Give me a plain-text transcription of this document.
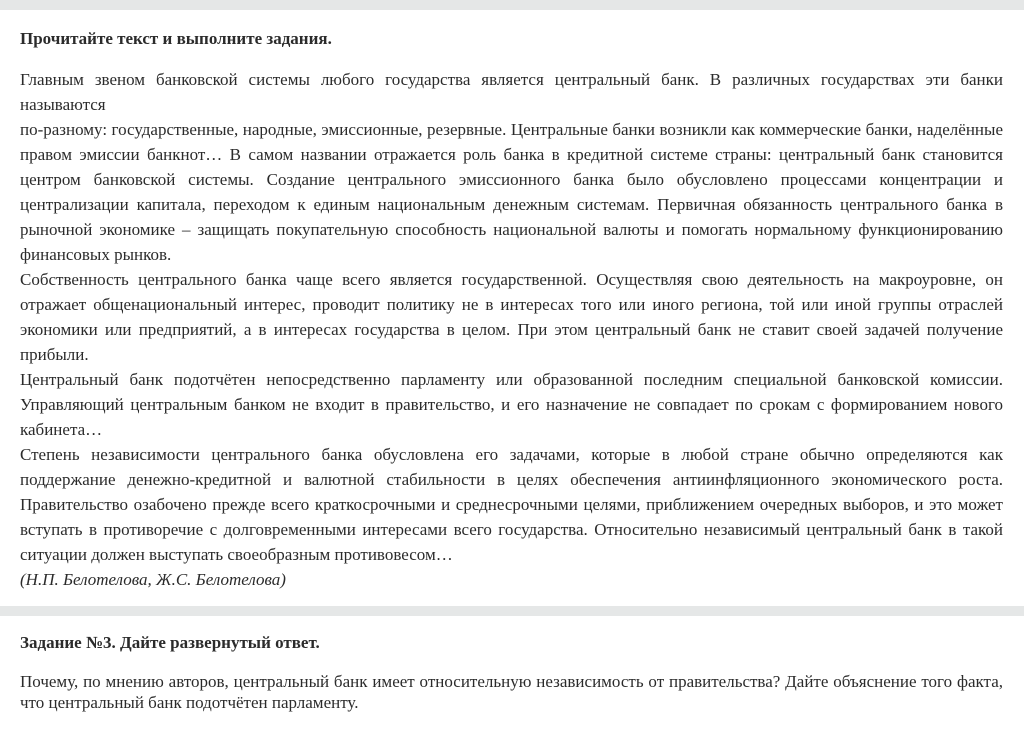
Прочитайте текст и выполните задания.

Главным звеном банковской системы любого государства является центральный банк. В различных государствах эти банки называются

по-разному: государственные, народные, эмиссионные, резервные. Центральные банки возникли как коммерческие банки, наделённые правом эмиссии банкнот… В самом названии отражается роль банка в кредитной системе страны: центральный банк становится центром банковской системы. Создание центрального эмиссионного банка было обусловлено процессами концентрации и централизации капитала, переходом к единым национальным денежным системам. Первичная обязанность центрального банка в рыночной экономике – защищать покупательную способность национальной валюты и помогать нормальному функционированию финансовых рынков.

Собственность центрального банка чаще всего является государственной. Осуществляя свою деятельность на макроуровне, он отражает общенациональный интерес, проводит политику не в интересах того или иного региона, той или иной группы отраслей экономики или предприятий, а в интересах государства в целом. При этом центральный банк не ставит своей задачей получение прибыли.

Центральный банк подотчётен непосредственно парламенту или образованной последним специальной банковской комиссии. Управляющий центральным банком не входит в правительство, и его назначение не совпадает по срокам с формированием нового кабинета…

Степень независимости центрального банка обусловлена его задачами, которые в любой стране обычно определяются как поддержание денежно-кредитной и валютной стабильности в целях обеспечения антиинфляционного экономического роста. Правительство озабочено прежде всего краткосрочными и среднесрочными целями, приближением очередных выборов, и это может вступать в противоречие с долговременными интересами всего государства. Относительно независимый центральный банк в такой ситуации должен выступать своеобразным противовесом…

(Н.П. Белотелова, Ж.С. Белотелова)

Задание №3. Дайте развернутый ответ.

Почему, по мнению авторов, центральный банк имеет относительную независимость от правительства? Дайте объяснение того факта, что центральный банк подотчётен парламенту.
